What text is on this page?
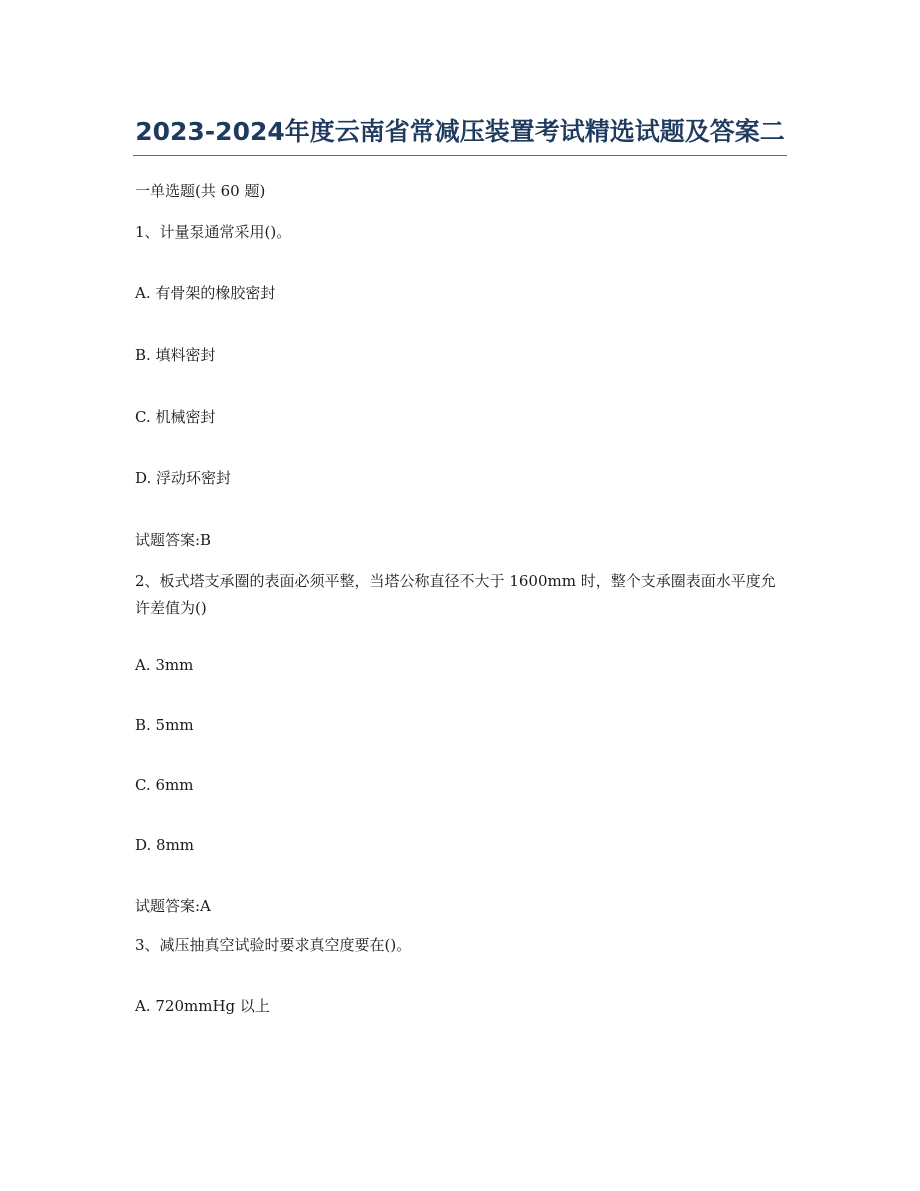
2023-2024年度云南省常减压装置考试精选试题及答案二
一单选题(共 60 题)
1、计量泵通常采用()。
A. 有骨架的橡胶密封
B. 填料密封
C. 机械密封
D. 浮动环密封
试题答案:B
2、板式塔支承圈的表面必须平整，当塔公称直径不大于 1600mm 时，整个支承圈表面水平度允许差值为()
A. 3mm
B. 5mm
C. 6mm
D. 8mm
试题答案:A
3、减压抽真空试验时要求真空度要在()。
A. 720mmHg 以上
